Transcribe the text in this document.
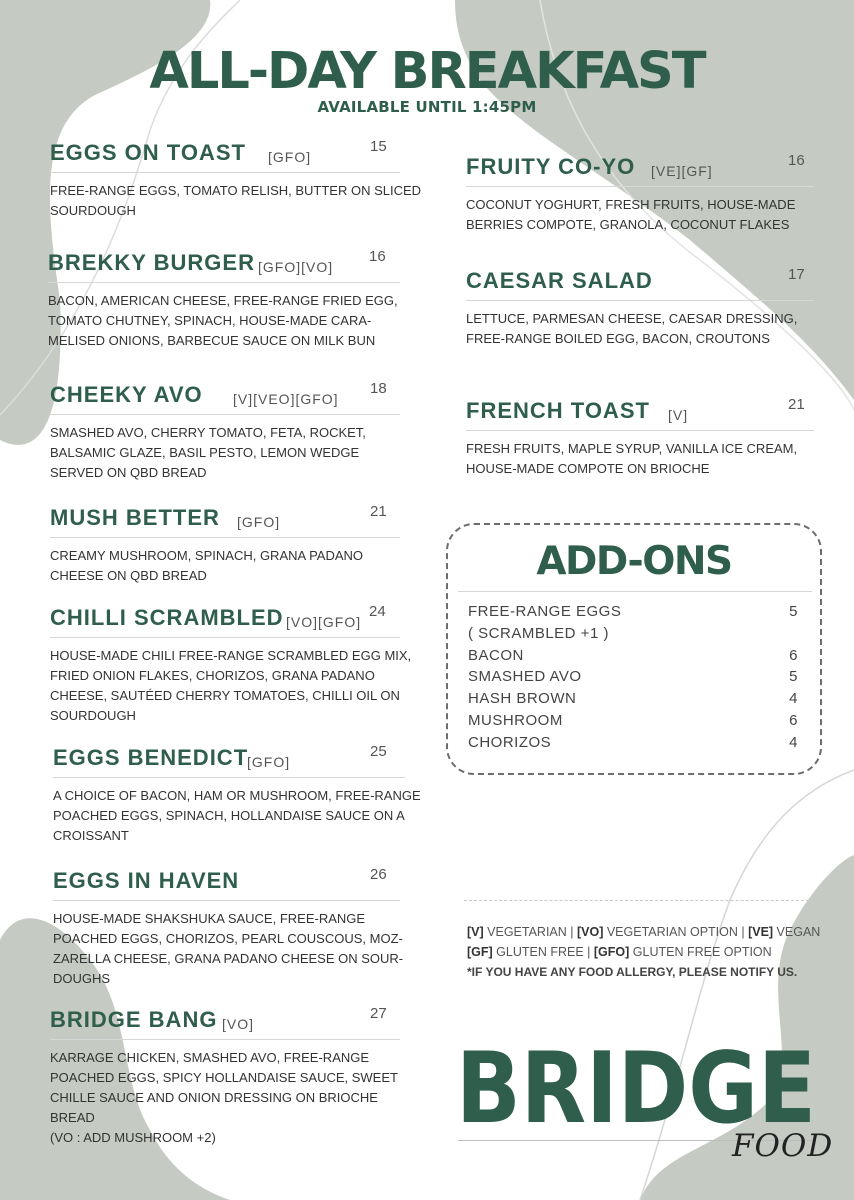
ALL-DAY BREAKFAST
AVAILABLE UNTIL 1:45PM
EGGS ON TOAST [GFO]
15
FREE-RANGE EGGS, TOMATO RELISH, BUTTER ON SLICED
SOURDOUGH
BREKKY BURGER [GFO][VO]
16
BACON, AMERICAN CHEESE, FREE-RANGE FRIED EGG,
TOMATO CHUTNEY, SPINACH, HOUSE-MADE CARA-
MELISED ONIONS, BARBECUE SAUCE ON MILK BUN
CHEEKY AVO [V][VEO][GFO]
18
SMASHED AVO, CHERRY TOMATO, FETA, ROCKET,
BALSAMIC GLAZE, BASIL PESTO, LEMON WEDGE
SERVED ON QBD BREAD
MUSH BETTER [GFO]
21
CREAMY MUSHROOM, SPINACH, GRANA PADANO
CHEESE ON QBD BREAD
CHILLI SCRAMBLED [VO][GFO]
24
HOUSE-MADE CHILI FREE-RANGE SCRAMBLED EGG MIX,
FRIED ONION FLAKES, CHORIZOS, GRANA PADANO
CHEESE, SAUTÉED CHERRY TOMATOES, CHILLI OIL ON
SOURDOUGH
EGGS BENEDICT
[GFO]
25
A CHOICE OF BACON, HAM OR MUSHROOM, FREE-RANGE
POACHED EGGS, SPINACH, HOLLANDAISE SAUCE ON A
CROISSANT
EGGS IN HAVEN	26
HOUSE-MADE SHAKSHUKA SAUCE, FREE-RANGE
POACHED EGGS, CHORIZOS, PEARL COUSCOUS, MOZ-
ZARELLA CHEESE, GRANA PADANO CHEESE ON SOUR-
DOUGHS
BRIDGE BANG [VO]
27
KARRAGE CHICKEN, SMASHED AVO, FREE-RANGE
POACHED EGGS, SPICY HOLLANDAISE SAUCE, SWEET
CHILLE SAUCE AND ONION DRESSING ON BRIOCHE
BREAD
(VO : ADD MUSHROOM +2)
FRUITY CO-YO [VE][GF]
16
COCONUT YOGHURT, FRESH FRUITS, HOUSE-MADE
BERRIES COMPOTE, GRANOLA, COCONUT FLAKES
CAESAR SALAD	17
LETTUCE, PARMESAN CHEESE, CAESAR DRESSING,
FREE-RANGE BOILED EGG, BACON, CROUTONS
FRENCH TOAST [V]
21
FRESH FRUITS, MAPLE SYRUP, VANILLA ICE CREAM,
HOUSE-MADE COMPOTE ON BRIOCHE
ADD-ONS
FREE-RANGE EGGS	5
( SCRAMBLED +1 )
BACON	6
SMASHED AVO	5
HASH BROWN	4
MUSHROOM	6
CHORIZOS	4
[V] VEGETARIAN | [VO] VEGETARIAN OPTION | [VE] VEGAN
[GF] GLUTEN FREE | [GFO] GLUTEN FREE OPTION
*IF YOU HAVE ANY FOOD ALLERGY, PLEASE NOTIFY US.
BRIDGE
FOOD
